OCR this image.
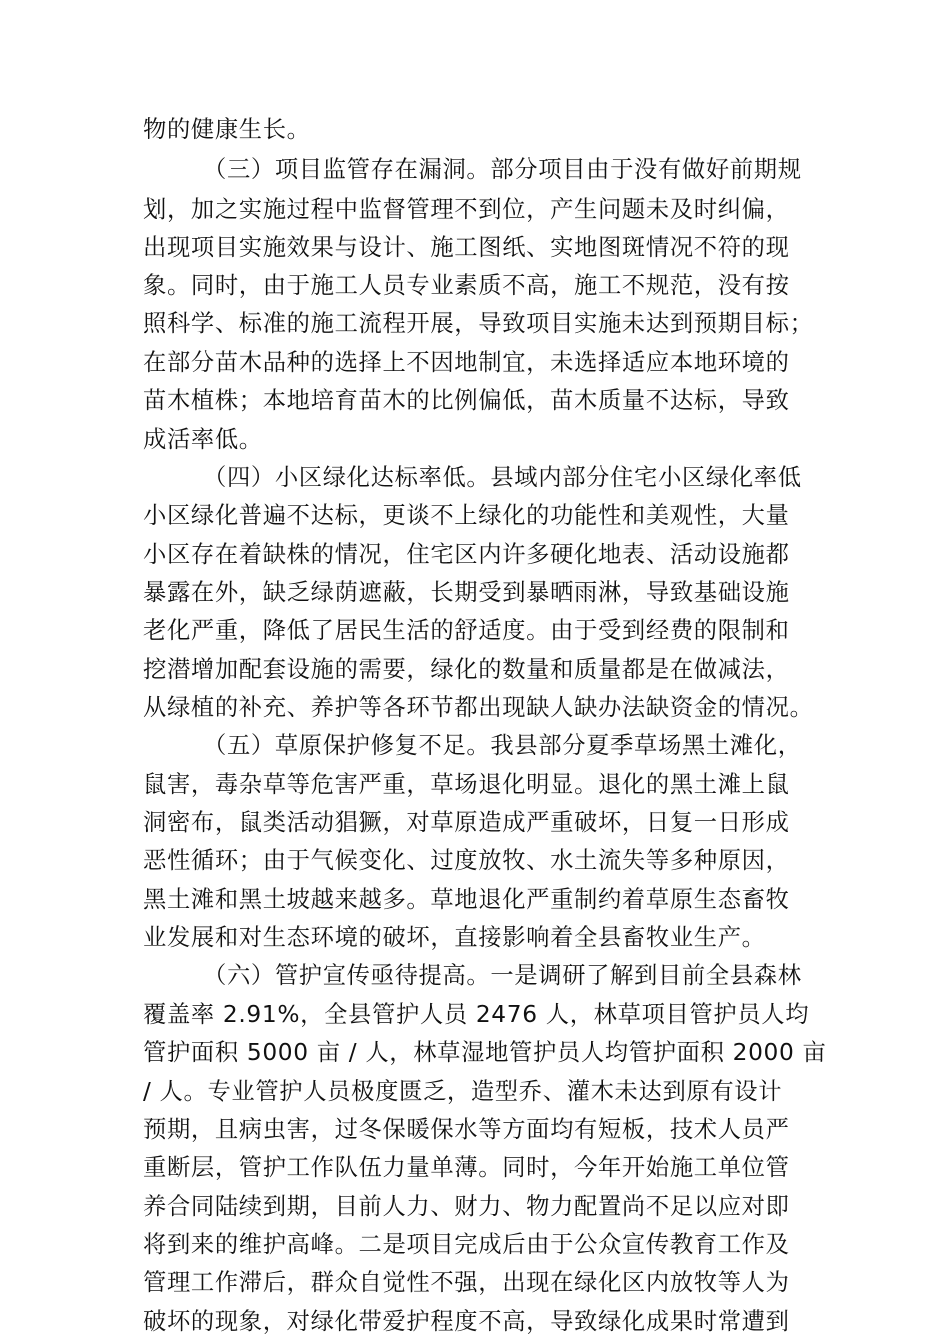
物的健康生长。
（三）项目监管存在漏洞。部分项目由于没有做好前期规
划，加之实施过程中监督管理不到位，产生问题未及时纠偏，
出现项目实施效果与设计、施工图纸、实地图斑情况不符的现
象。同时，由于施工人员专业素质不高，施工不规范，没有按
照科学、标准的施工流程开展，导致项目实施未达到预期目标；
在部分苗木品种的选择上不因地制宜，未选择适应本地环境的
苗木植株；本地培育苗木的比例偏低，苗木质量不达标，导致
成活率低。
（四）小区绿化达标率低。县域内部分住宅小区绿化率低
小区绿化普遍不达标，更谈不上绿化的功能性和美观性，大量
小区存在着缺株的情况，住宅区内许多硬化地表、活动设施都
暴露在外，缺乏绿荫遮蔽，长期受到暴晒雨淋，导致基础设施
老化严重，降低了居民生活的舒适度。由于受到经费的限制和
挖潜增加配套设施的需要，绿化的数量和质量都是在做减法，
从绿植的补充、养护等各环节都出现缺人缺办法缺资金的情况。
（五）草原保护修复不足。我县部分夏季草场黑土滩化，
鼠害，毒杂草等危害严重，草场退化明显。退化的黑土滩上鼠
洞密布，鼠类活动猖獗，对草原造成严重破坏，日复一日形成
恶性循环；由于气候变化、过度放牧、水土流失等多种原因，
黑土滩和黑土坡越来越多。草地退化严重制约着草原生态畜牧
业发展和对生态环境的破坏，直接影响着全县畜牧业生产。
（六）管护宣传亟待提高。一是调研了解到目前全县森林
覆盖率 2.91%，全县管护人员 2476 人，林草项目管护员人均
管护面积 5000 亩 / 人，林草湿地管护员人均管护面积 2000 亩
/ 人。专业管护人员极度匮乏，造型乔、灌木未达到原有设计
预期，且病虫害，过冬保暖保水等方面均有短板，技术人员严
重断层，管护工作队伍力量单薄。同时，今年开始施工单位管
养合同陆续到期，目前人力、财力、物力配置尚不足以应对即
将到来的维护高峰。二是项目完成后由于公众宣传教育工作及
管理工作滞后，群众自觉性不强，出现在绿化区内放牧等人为
破坏的现象，对绿化带爱护程度不高，导致绿化成果时常遭到
